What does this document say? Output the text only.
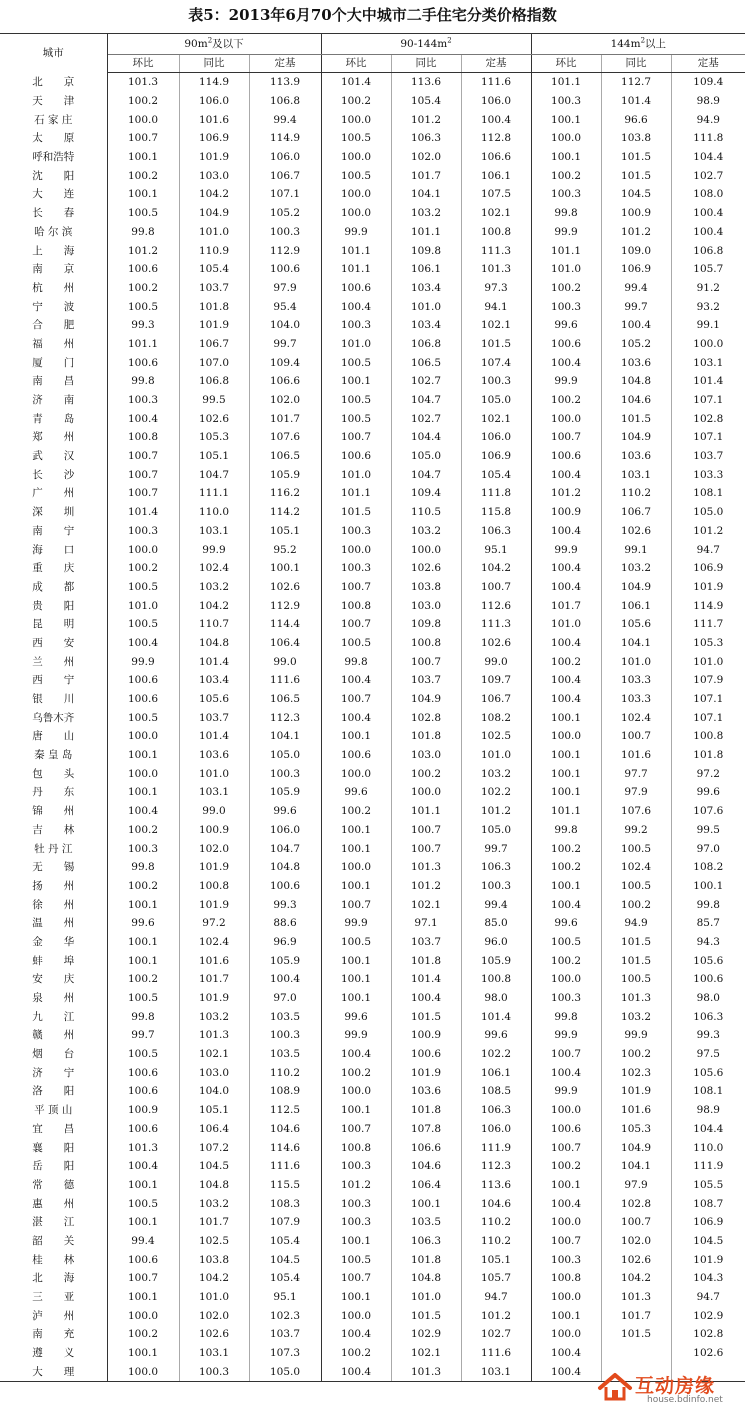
表5：2013年6月70个大中城市二手住宅分类价格指数
城市	$90m^2$及以下			$90-144m^2$			$144m^2$以上		
	环比	同比	定基	环比	同比	定基	环比	同比	定基
北　　京	101.3	114.9	113.9	101.4	113.6	111.6	101.1	112.7	109.4
天　　津	100.2	106.0	106.8	100.2	105.4	106.0	100.3	101.4	98.9
石 家 庄	100.0	101.6	99.4	100.0	101.2	100.4	100.1	96.6	94.9
太　　原	100.7	106.9	114.9	100.5	106.3	112.8	100.0	103.8	111.8
呼和浩特	100.1	101.9	106.0	100.0	102.0	106.6	100.1	101.5	104.4
沈　　阳	100.2	103.0	106.7	100.5	101.7	106.1	100.2	101.5	102.7
大　　连	100.1	104.2	107.1	100.0	104.1	107.5	100.3	104.5	108.0
长　　春	100.5	104.9	105.2	100.0	103.2	102.1	99.8	100.9	100.4
哈 尔 滨	99.8	101.0	100.3	99.9	101.1	100.8	99.9	101.2	100.4
上　　海	101.2	110.9	112.9	101.1	109.8	111.3	101.1	109.0	106.8
南　　京	100.6	105.4	100.6	101.1	106.1	101.3	101.0	106.9	105.7
杭　　州	100.2	103.7	97.9	100.6	103.4	97.3	100.2	99.4	91.2
宁　　波	100.5	101.8	95.4	100.4	101.0	94.1	100.3	99.7	93.2
合　　肥	99.3	101.9	104.0	100.3	103.4	102.1	99.6	100.4	99.1
福　　州	101.1	106.7	99.7	101.0	106.8	101.5	100.6	105.2	100.0
厦　　门	100.6	107.0	109.4	100.5	106.5	107.4	100.4	103.6	103.1
南　　昌	99.8	106.8	106.6	100.1	102.7	100.3	99.9	104.8	101.4
济　　南	100.3	99.5	102.0	100.5	104.7	105.0	100.2	104.6	107.1
青　　岛	100.4	102.6	101.7	100.5	102.7	102.1	100.0	101.5	102.8
郑　　州	100.8	105.3	107.6	100.7	104.4	106.0	100.7	104.9	107.1
武　　汉	100.7	105.1	106.5	100.6	105.0	106.9	100.6	103.6	103.7
长　　沙	100.7	104.7	105.9	101.0	104.7	105.4	100.4	103.1	103.3
广　　州	100.7	111.1	116.2	101.1	109.4	111.8	101.2	110.2	108.1
深　　圳	101.4	110.0	114.2	101.5	110.5	115.8	100.9	106.7	105.0
南　　宁	100.3	103.1	105.1	100.3	103.2	106.3	100.4	102.6	101.2
海　　口	100.0	99.9	95.2	100.0	100.0	95.1	99.9	99.1	94.7
重　　庆	100.2	102.4	100.1	100.3	102.6	104.2	100.4	103.2	106.9
成　　都	100.5	103.2	102.6	100.7	103.8	100.7	100.4	104.9	101.9
贵　　阳	101.0	104.2	112.9	100.8	103.0	112.6	101.7	106.1	114.9
昆　　明	100.5	110.7	114.4	100.7	109.8	111.3	101.0	105.6	111.7
西　　安	100.4	104.8	106.4	100.5	100.8	102.6	100.4	104.1	105.3
兰　　州	99.9	101.4	99.0	99.8	100.7	99.0	100.2	101.0	101.0
西　　宁	100.6	103.4	111.6	100.4	103.7	109.7	100.4	103.3	107.9
银　　川	100.6	105.6	106.5	100.7	104.9	106.7	100.4	103.3	107.1
乌鲁木齐	100.5	103.7	112.3	100.4	102.8	108.2	100.1	102.4	107.1
唐　　山	100.0	101.4	104.1	100.1	101.8	102.5	100.0	100.7	100.8
秦 皇 岛	100.1	103.6	105.0	100.6	103.0	101.0	100.1	101.6	101.8
包　　头	100.0	101.0	100.3	100.0	100.2	103.2	100.1	97.7	97.2
丹　　东	100.1	103.1	105.9	99.6	100.0	102.2	100.1	97.9	99.6
锦　　州	100.4	99.0	99.6	100.2	101.1	101.2	101.1	107.6	107.6
吉　　林	100.2	100.9	106.0	100.1	100.7	105.0	99.8	99.2	99.5
牡 丹 江	100.3	102.0	104.7	100.1	100.7	99.7	100.2	100.5	97.0
无　　锡	99.8	101.9	104.8	100.0	101.3	106.3	100.2	102.4	108.2
扬　　州	100.2	100.8	100.6	100.1	101.2	100.3	100.1	100.5	100.1
徐　　州	100.1	101.9	99.3	100.7	102.1	99.4	100.4	100.2	99.8
温　　州	99.6	97.2	88.6	99.9	97.1	85.0	99.6	94.9	85.7
金　　华	100.1	102.4	96.9	100.5	103.7	96.0	100.5	101.5	94.3
蚌　　埠	100.1	101.6	105.9	100.1	101.8	105.9	100.2	101.5	105.6
安　　庆	100.2	101.7	100.4	100.1	101.4	100.8	100.0	100.5	100.6
泉　　州	100.5	101.9	97.0	100.1	100.4	98.0	100.3	101.3	98.0
九　　江	99.8	103.2	103.5	99.6	101.5	101.4	99.8	103.2	106.3
赣　　州	99.7	101.3	100.3	99.9	100.9	99.6	99.9	99.9	99.3
烟　　台	100.5	102.1	103.5	100.4	100.6	102.2	100.7	100.2	97.5
济　　宁	100.6	103.0	110.2	100.2	101.9	106.1	100.4	102.3	105.6
洛　　阳	100.6	104.0	108.9	100.0	103.6	108.5	99.9	101.9	108.1
平 顶 山	100.9	105.1	112.5	100.1	101.8	106.3	100.0	101.6	98.9
宜　　昌	100.6	106.4	104.6	100.7	107.8	106.0	100.6	105.3	104.4
襄　　阳	101.3	107.2	114.6	100.8	106.6	111.9	100.7	104.9	110.0
岳　　阳	100.4	104.5	111.6	100.3	104.6	112.3	100.2	104.1	111.9
常　　德	100.1	104.8	115.5	101.2	106.4	113.6	100.1	97.9	105.5
惠　　州	100.5	103.2	108.3	100.3	100.1	104.6	100.4	102.8	108.7
湛　　江	100.1	101.7	107.9	100.3	103.5	110.2	100.0	100.7	106.9
韶　　关	99.4	102.5	105.4	100.1	106.3	110.2	100.7	102.0	104.5
桂　　林	100.6	103.8	104.5	100.5	101.8	105.1	100.3	102.6	101.9
北　　海	100.7	104.2	105.4	100.7	104.8	105.7	100.8	104.2	104.3
三　　亚	100.1	101.0	95.1	100.1	101.0	94.7	100.0	101.3	94.7
泸　　州	100.0	102.0	102.3	100.0	101.5	101.2	100.1	101.7	102.9
南　　充	100.2	102.6	103.7	100.4	102.9	102.7	100.0	101.5	102.8
遵　　义	100.1	103.1	107.3	100.2	102.1	111.6	100.4		102.6
大　　理	100.0	100.3	105.0	100.4	101.3	103.1	100.4		
互动房缘
house.bdinfo.net
